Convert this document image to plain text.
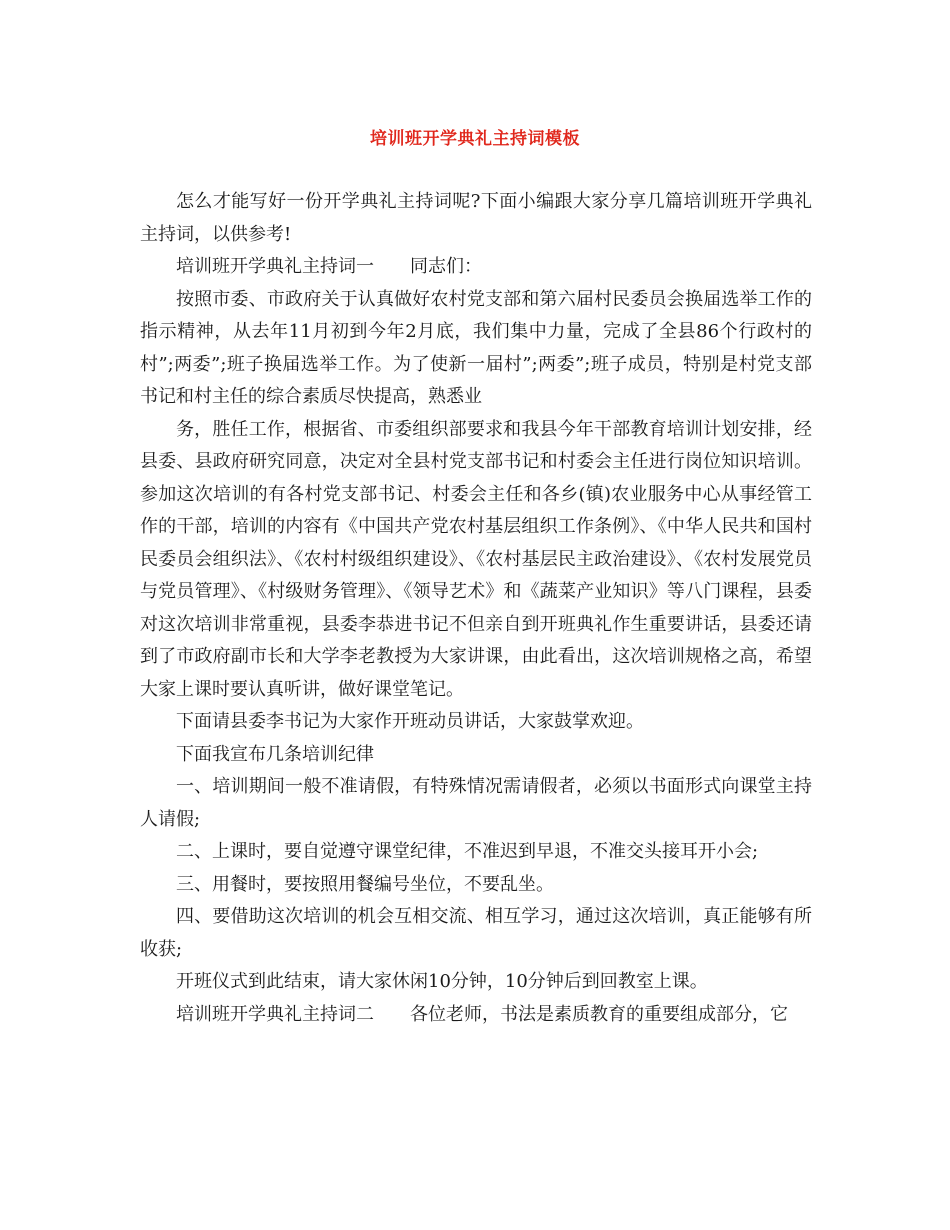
培训班开学典礼主持词模板

怎么才能写好一份开学典礼主持词呢?下面小编跟大家分享几篇培训班开学典礼主持词，以供参考!

培训班开学典礼主持词一 同志们：

按照市委、市政府关于认真做好农村党支部和第六届村民委员会换届选举工作的指示精神，从去年11月初到今年2月底，我们集中力量，完成了全县86个行政村的村”;两委”;班子换届选举工作。为了使新一届村”;两委”;班子成员，特别是村党支部书记和村主任的综合素质尽快提高，熟悉业

务，胜任工作，根据省、市委组织部要求和我县今年干部教育培训计划安排，经县委、县政府研究同意，决定对全县村党支部书记和村委会主任进行岗位知识培训。参加这次培训的有各村党支部书记、村委会主任和各乡(镇)农业服务中心从事经管工作的干部，培训的内容有《中国共产党农村基层组织工作条例》、《中华人民共和国村民委员会组织法》、《农村村级组织建设》、《农村基层民主政治建设》、《农村发展党员与党员管理》、《村级财务管理》、《领导艺术》和《蔬菜产业知识》等八门课程，县委对这次培训非常重视，县委李恭进书记不但亲自到开班典礼作生重要讲话，县委还请到了市政府副市长和大学李老教授为大家讲课，由此看出，这次培训规格之高，希望大家上课时要认真听讲，做好课堂笔记。

下面请县委李书记为大家作开班动员讲话，大家鼓掌欢迎。

下面我宣布几条培训纪律

一、培训期间一般不准请假，有特殊情况需请假者，必须以书面形式向课堂主持人请假;

二、上课时，要自觉遵守课堂纪律，不准迟到早退，不准交头接耳开小会;

三、用餐时，要按照用餐编号坐位，不要乱坐。

四、要借助这次培训的机会互相交流、相互学习，通过这次培训，真正能够有所收获;

开班仪式到此结束，请大家休闲10分钟，10分钟后到回教室上课。

培训班开学典礼主持词二 各位老师，书法是素质教育的重要组成部分，它
